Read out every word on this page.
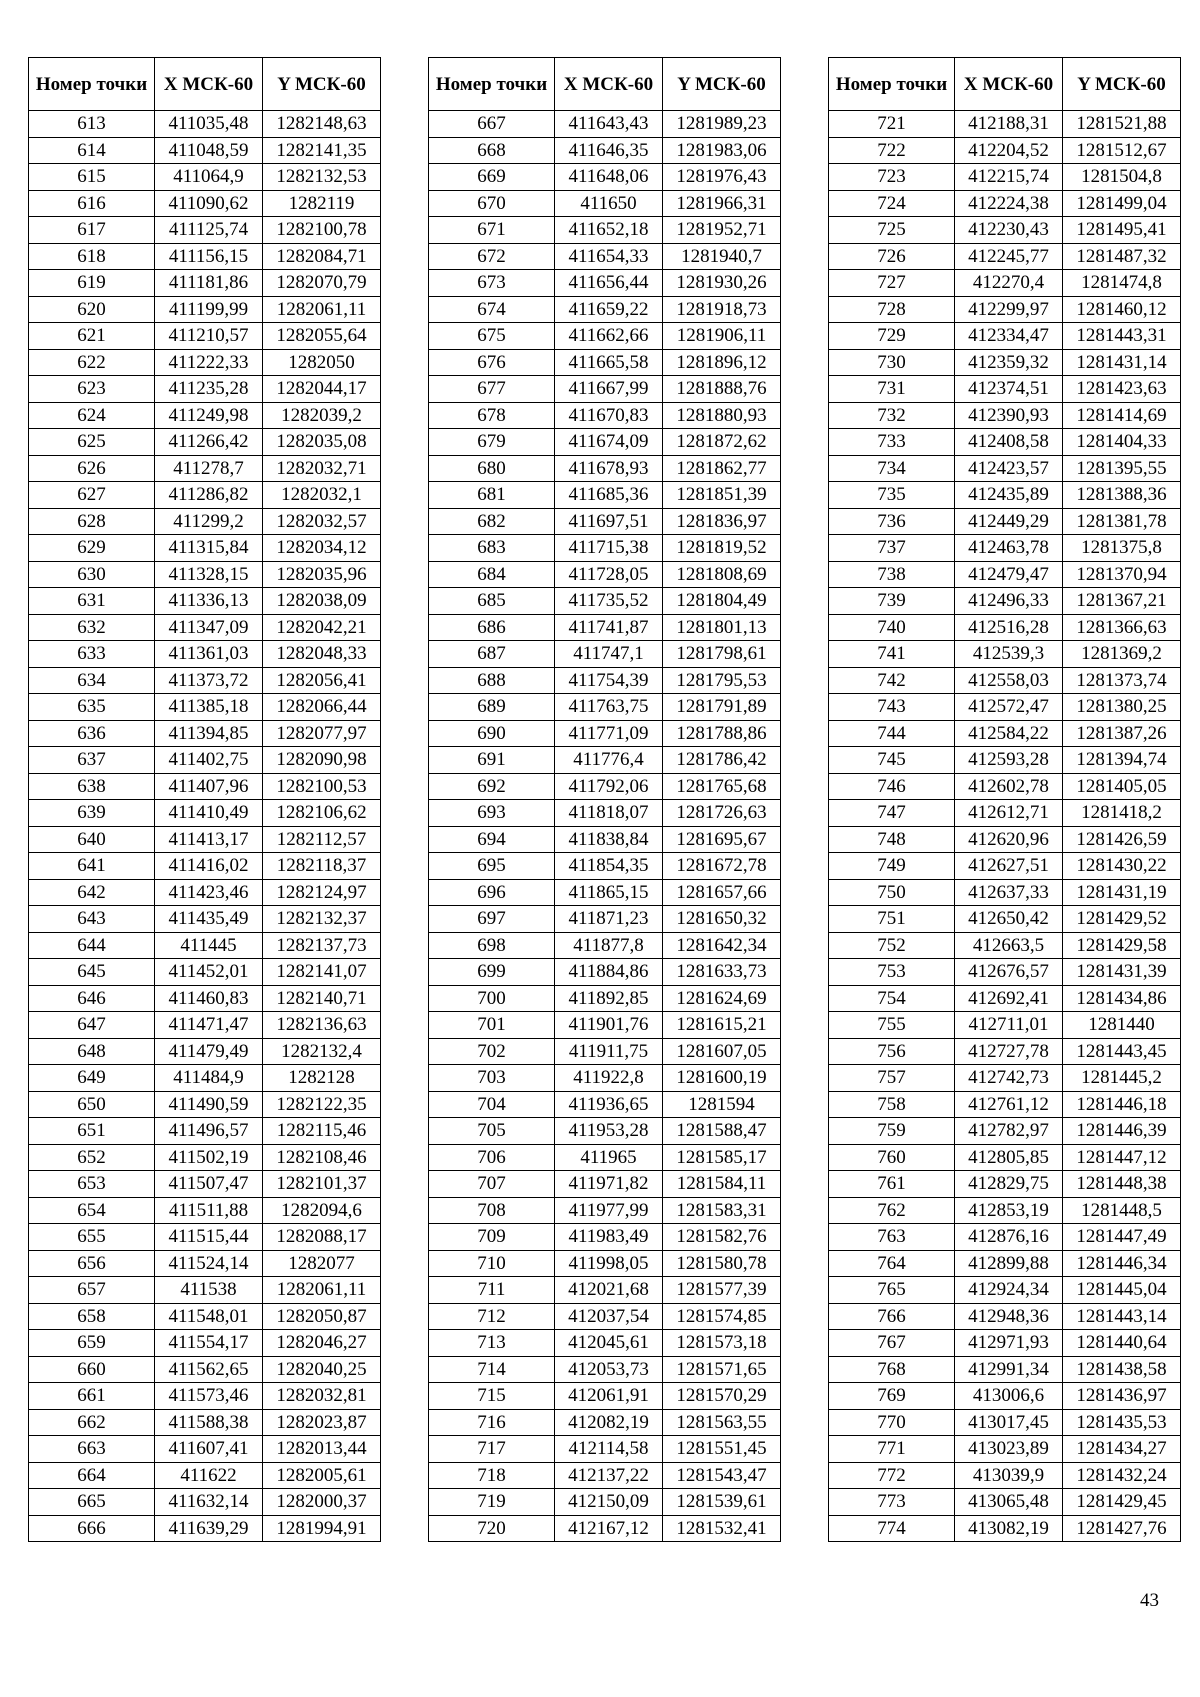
Номер точки	X МСК-60	Y МСК-60
613	411035,48	1282148,63
614	411048,59	1282141,35
615	411064,9	1282132,53
616	411090,62	1282119
617	411125,74	1282100,78
618	411156,15	1282084,71
619	411181,86	1282070,79
620	411199,99	1282061,11
621	411210,57	1282055,64
622	411222,33	1282050
623	411235,28	1282044,17
624	411249,98	1282039,2
625	411266,42	1282035,08
626	411278,7	1282032,71
627	411286,82	1282032,1
628	411299,2	1282032,57
629	411315,84	1282034,12
630	411328,15	1282035,96
631	411336,13	1282038,09
632	411347,09	1282042,21
633	411361,03	1282048,33
634	411373,72	1282056,41
635	411385,18	1282066,44
636	411394,85	1282077,97
637	411402,75	1282090,98
638	411407,96	1282100,53
639	411410,49	1282106,62
640	411413,17	1282112,57
641	411416,02	1282118,37
642	411423,46	1282124,97
643	411435,49	1282132,37
644	411445	1282137,73
645	411452,01	1282141,07
646	411460,83	1282140,71
647	411471,47	1282136,63
648	411479,49	1282132,4
649	411484,9	1282128
650	411490,59	1282122,35
651	411496,57	1282115,46
652	411502,19	1282108,46
653	411507,47	1282101,37
654	411511,88	1282094,6
655	411515,44	1282088,17
656	411524,14	1282077
657	411538	1282061,11
658	411548,01	1282050,87
659	411554,17	1282046,27
660	411562,65	1282040,25
661	411573,46	1282032,81
662	411588,38	1282023,87
663	411607,41	1282013,44
664	411622	1282005,61
665	411632,14	1282000,37
666	411639,29	1281994,91
Номер точки	X МСК-60	Y МСК-60
667	411643,43	1281989,23
668	411646,35	1281983,06
669	411648,06	1281976,43
670	411650	1281966,31
671	411652,18	1281952,71
672	411654,33	1281940,7
673	411656,44	1281930,26
674	411659,22	1281918,73
675	411662,66	1281906,11
676	411665,58	1281896,12
677	411667,99	1281888,76
678	411670,83	1281880,93
679	411674,09	1281872,62
680	411678,93	1281862,77
681	411685,36	1281851,39
682	411697,51	1281836,97
683	411715,38	1281819,52
684	411728,05	1281808,69
685	411735,52	1281804,49
686	411741,87	1281801,13
687	411747,1	1281798,61
688	411754,39	1281795,53
689	411763,75	1281791,89
690	411771,09	1281788,86
691	411776,4	1281786,42
692	411792,06	1281765,68
693	411818,07	1281726,63
694	411838,84	1281695,67
695	411854,35	1281672,78
696	411865,15	1281657,66
697	411871,23	1281650,32
698	411877,8	1281642,34
699	411884,86	1281633,73
700	411892,85	1281624,69
701	411901,76	1281615,21
702	411911,75	1281607,05
703	411922,8	1281600,19
704	411936,65	1281594
705	411953,28	1281588,47
706	411965	1281585,17
707	411971,82	1281584,11
708	411977,99	1281583,31
709	411983,49	1281582,76
710	411998,05	1281580,78
711	412021,68	1281577,39
712	412037,54	1281574,85
713	412045,61	1281573,18
714	412053,73	1281571,65
715	412061,91	1281570,29
716	412082,19	1281563,55
717	412114,58	1281551,45
718	412137,22	1281543,47
719	412150,09	1281539,61
720	412167,12	1281532,41
Номер точки	X МСК-60	Y МСК-60
721	412188,31	1281521,88
722	412204,52	1281512,67
723	412215,74	1281504,8
724	412224,38	1281499,04
725	412230,43	1281495,41
726	412245,77	1281487,32
727	412270,4	1281474,8
728	412299,97	1281460,12
729	412334,47	1281443,31
730	412359,32	1281431,14
731	412374,51	1281423,63
732	412390,93	1281414,69
733	412408,58	1281404,33
734	412423,57	1281395,55
735	412435,89	1281388,36
736	412449,29	1281381,78
737	412463,78	1281375,8
738	412479,47	1281370,94
739	412496,33	1281367,21
740	412516,28	1281366,63
741	412539,3	1281369,2
742	412558,03	1281373,74
743	412572,47	1281380,25
744	412584,22	1281387,26
745	412593,28	1281394,74
746	412602,78	1281405,05
747	412612,71	1281418,2
748	412620,96	1281426,59
749	412627,51	1281430,22
750	412637,33	1281431,19
751	412650,42	1281429,52
752	412663,5	1281429,58
753	412676,57	1281431,39
754	412692,41	1281434,86
755	412711,01	1281440
756	412727,78	1281443,45
757	412742,73	1281445,2
758	412761,12	1281446,18
759	412782,97	1281446,39
760	412805,85	1281447,12
761	412829,75	1281448,38
762	412853,19	1281448,5
763	412876,16	1281447,49
764	412899,88	1281446,34
765	412924,34	1281445,04
766	412948,36	1281443,14
767	412971,93	1281440,64
768	412991,34	1281438,58
769	413006,6	1281436,97
770	413017,45	1281435,53
771	413023,89	1281434,27
772	413039,9	1281432,24
773	413065,48	1281429,45
774	413082,19	1281427,76
43
